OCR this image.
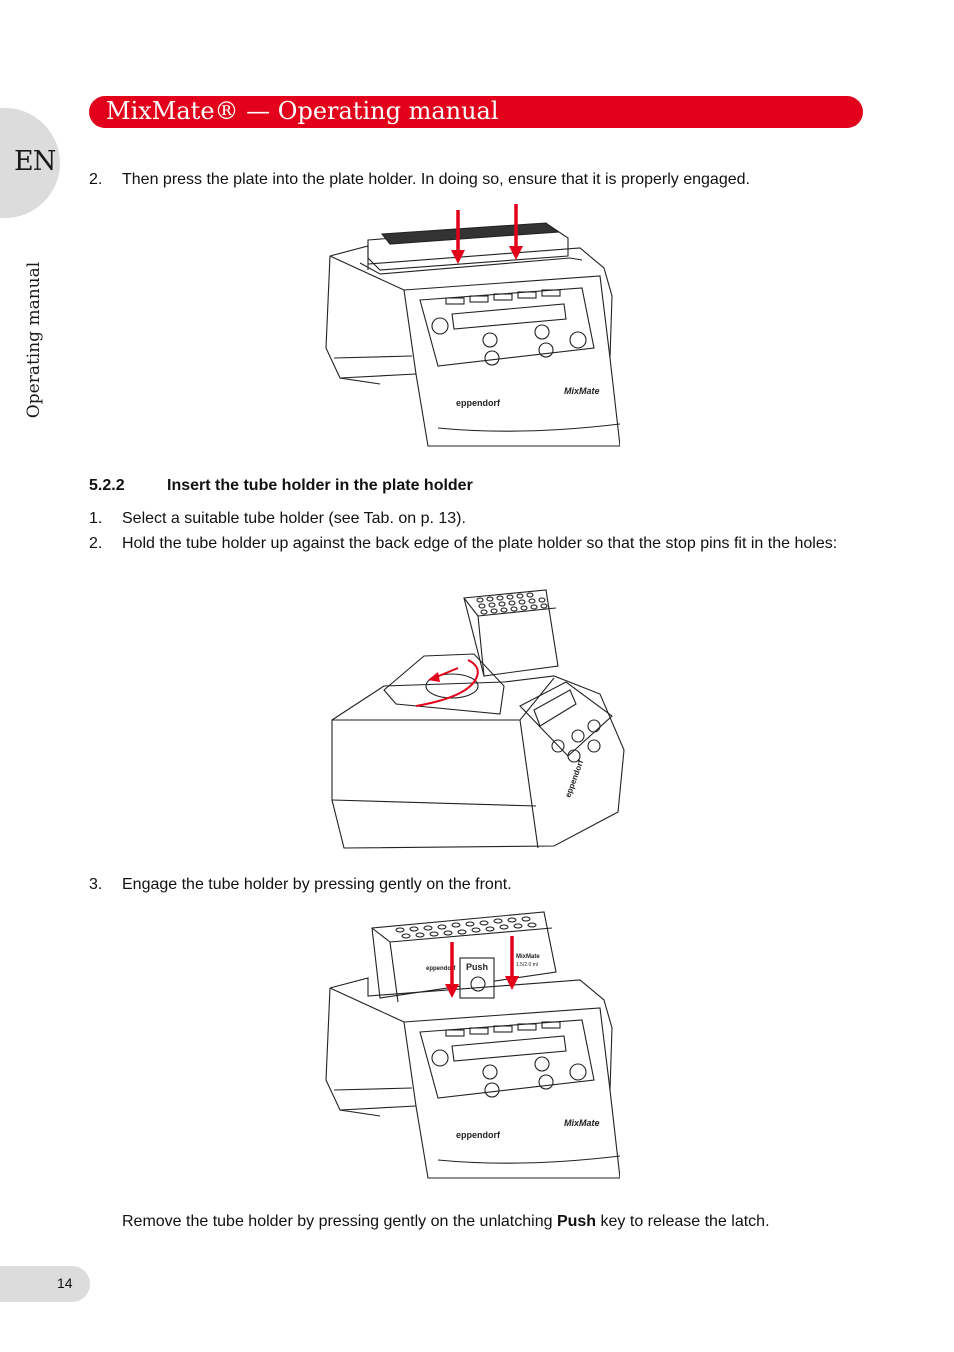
EN
Operating manual
MixMate® — Operating manual
2. Then press the plate into the plate holder. In doing so, ensure that it is properly engaged.
eppendorf
MixMate
5.2.2	Insert the tube holder in the plate holder
1. Select a suitable tube holder (see Tab. on p. 13).
2. Hold the tube holder up against the back edge of the plate holder so that the stop pins fit in the holes:
eppendorf
3. Engage the tube holder by pressing gently on the front.
Push
eppendorf
MixMate
1.5/2.0 ml
eppendorf
MixMate
Remove the tube holder by pressing gently on the unlatching Push key to release the latch.
14
